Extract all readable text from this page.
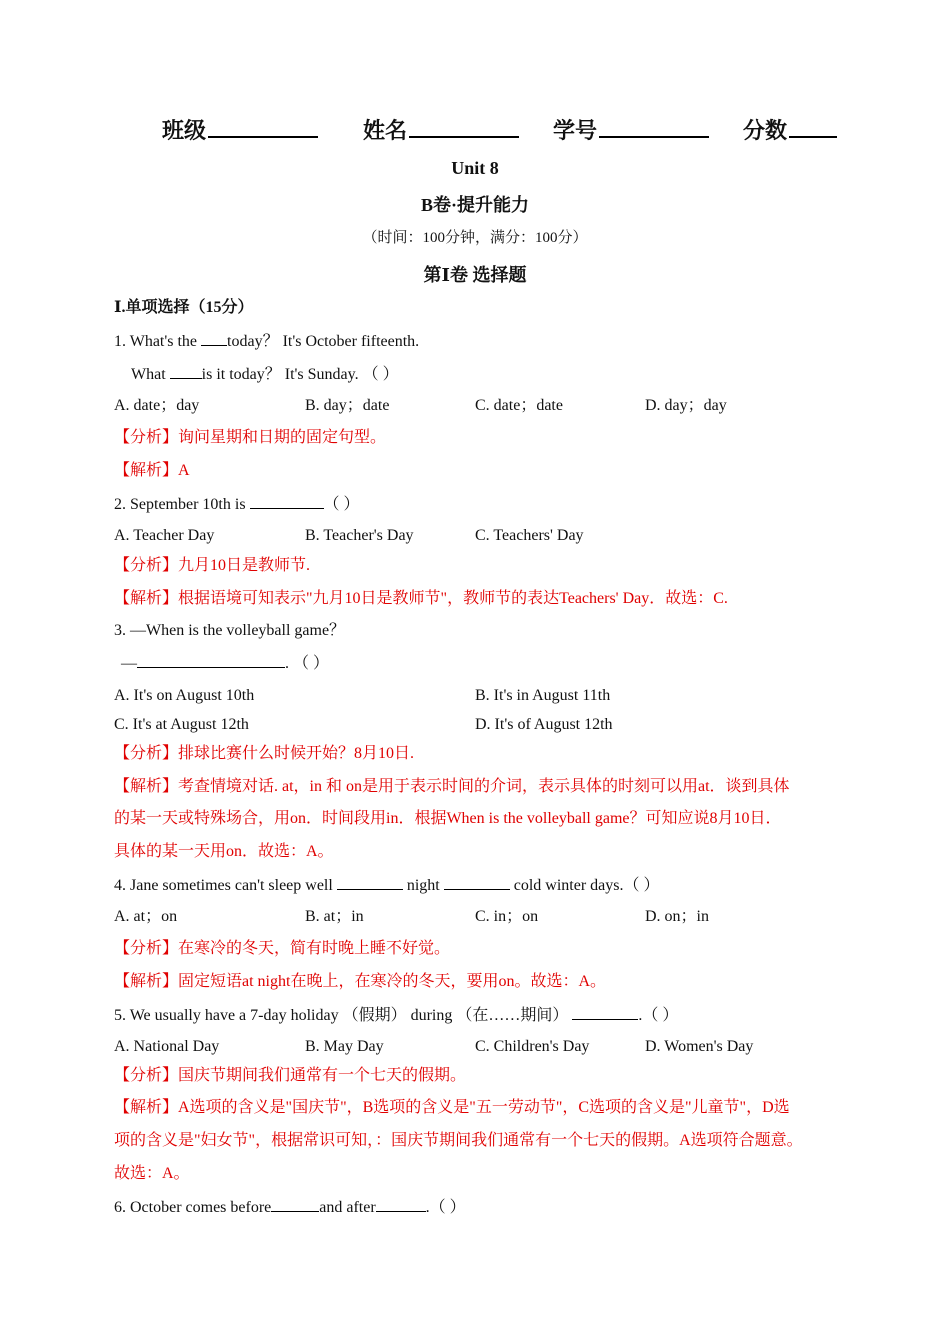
班级	姓名	学号	分数
Unit 8
B卷·提升能力
（时间：100分钟，满分：100分）
第Ⅰ卷 选择题
Ⅰ.单项选择（15分）
1. What's the today？ It's October fifteenth.
What is it today？ It's Sunday. （ ）
A. date；day	B. day；date	C. date；date	D. day；day
【分析】询问星期和日期的固定句型。
【解析】A
2. September 10th is	（ ）
A. Teacher Day	B. Teacher's Day	C. Teachers' Day
【分析】九月10日是教师节.
【解析】根据语境可知表示"九月10日是教师节"，教师节的表达Teachers' Day．故选：C.
3. —When is the volleyball game？
—	. （ ）
A. It's on August 10th	B. It's in August 11th
C. It's at August 12th	D. It's of August 12th
【分析】排球比赛什么时候开始？8月10日.
【解析】考查情境对话. at，in 和 on是用于表示时间的介词，表示具体的时刻可以用at．谈到具体
的某一天或特殊场合，用on．时间段用in．根据When is the volleyball game？可知应说8月10日．
具体的某一天用on．故选：A。
4. Jane sometimes can't sleep well	night	cold winter days.（ ）
A. at；on	B. at；in	C. in；on	D. on；in
【分析】在寒冷的冬天，简有时晚上睡不好觉。
【解析】固定短语at night在晚上，在寒冷的冬天，要用on。故选：A。
5. We usually have a 7-day holiday （假期） during （在……期间）	.（ ）
A. National Day	B. May Day	C. Children's Day	D. Women's Day
【分析】国庆节期间我们通常有一个七天的假期。
【解析】A选项的含义是"国庆节"，B选项的含义是"五一劳动节"，C选项的含义是"儿童节"，D选
项的含义是"妇女节"，根据常识可知，：国庆节期间我们通常有一个七天的假期。A选项符合题意。
故选：A。
6. October comes before	and after	.（ ）
